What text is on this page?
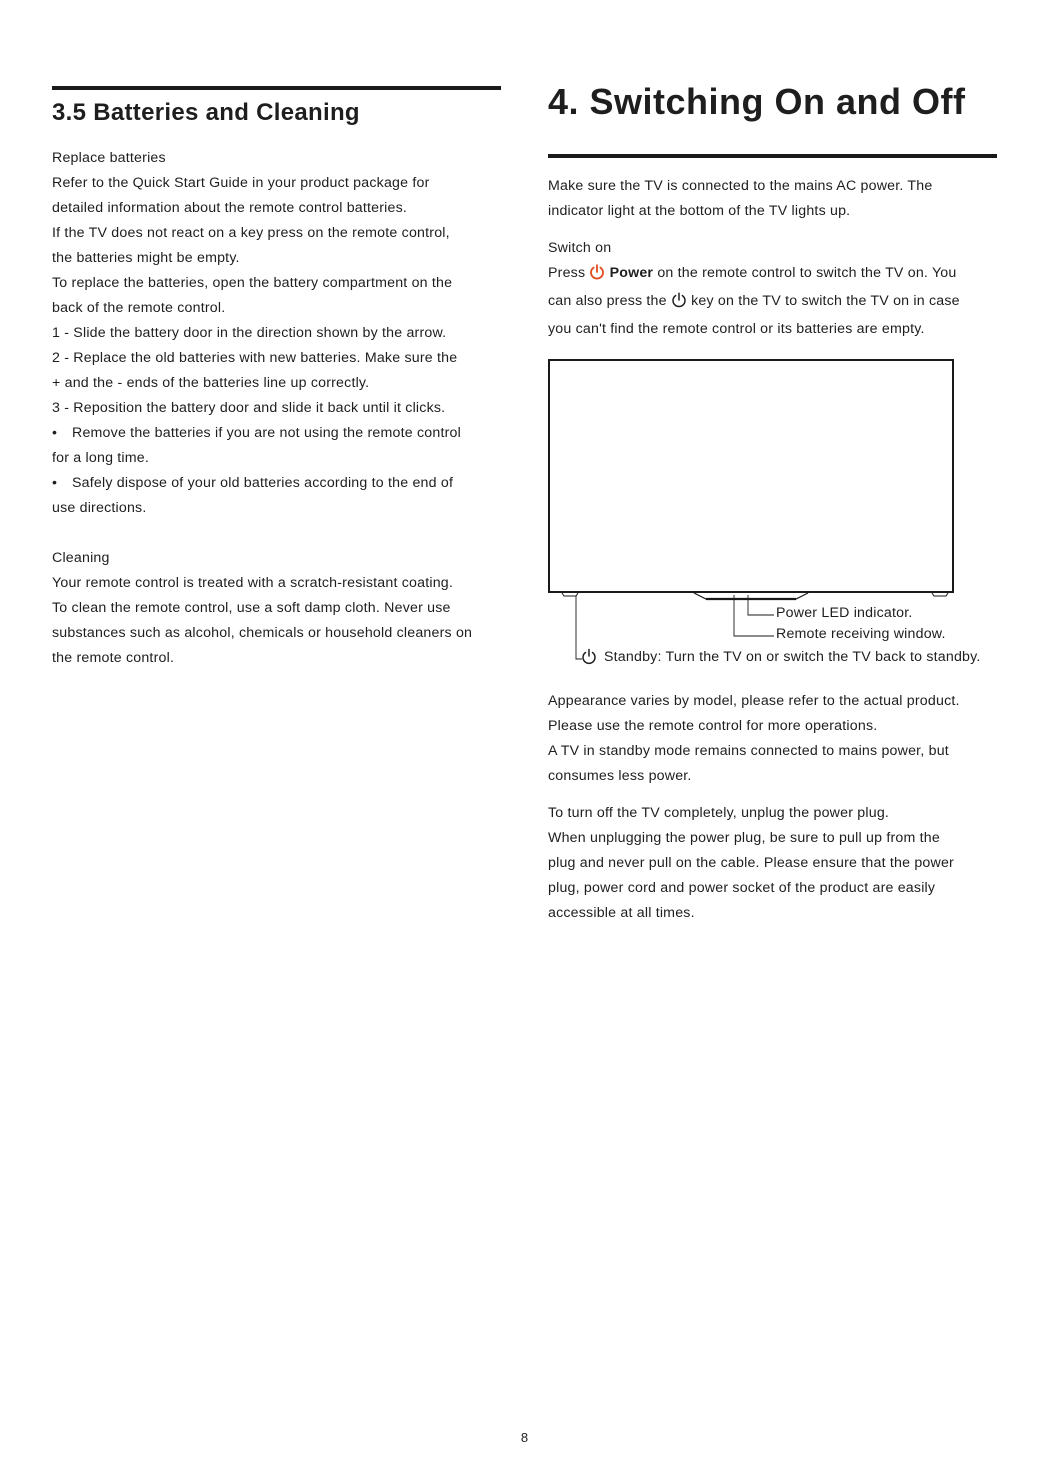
3.5 Batteries and Cleaning

Replace batteries

Refer to the Quick Start Guide in your product package for

detailed information about the remote control batteries.

If the TV does not react on a key press on the remote control,

the batteries might be empty.

To replace the batteries, open the battery compartment on the

back of the remote control.

1 - Slide the battery door in the direction shown by the arrow.

2 - Replace the old batteries with new batteries. Make sure the

+ and the - ends of the batteries line up correctly.

3 - Reposition the battery door and slide it back until it clicks.

• Remove the batteries if you are not using the remote control

for a long time.

• Safely dispose of your old batteries according to the end of

use directions.

Cleaning

Your remote control is treated with a scratch-resistant coating.

To clean the remote control, use a soft damp cloth. Never use

substances such as alcohol, chemicals or household cleaners on

the remote control.

4. Switching On and Off

Make sure the TV is connected to the mains AC power. The

indicator light at the bottom of the TV lights up.

Switch on

Press Power on the remote control to switch the TV on. You

can also press the key on the TV to switch the TV on in case

you can't find the remote control or its batteries are empty.

Power LED indicator.
Remote receiving window.
Standby: Turn the TV on or switch the TV back to standby.

Appearance varies by model, please refer to the actual product.

Please use the remote control for more operations.

A TV in standby mode remains connected to mains power, but

consumes less power.

To turn off the TV completely, unplug the power plug.

When unplugging the power plug, be sure to pull up from the

plug and never pull on the cable. Please ensure that the power

plug, power cord and power socket of the product are easily

accessible at all times.

8
